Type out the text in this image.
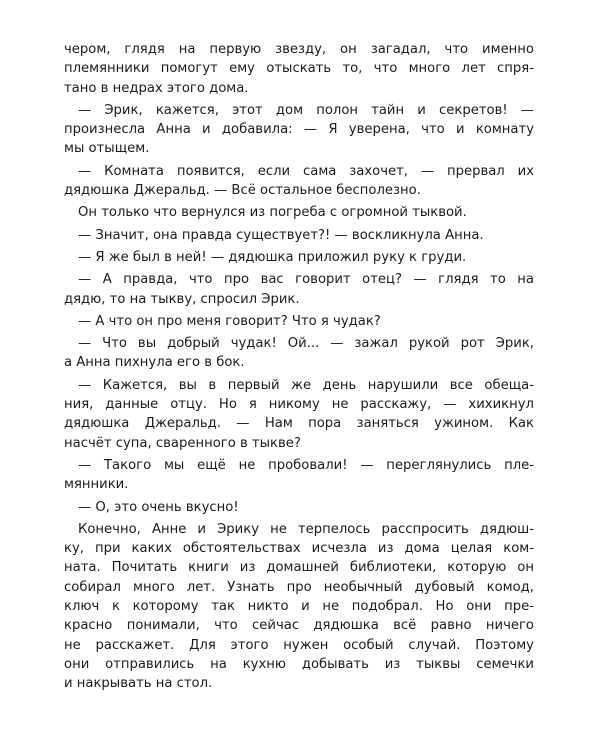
чером, глядя на первую звезду, он загадал, что именно
племянники помогут ему отыскать то, что много лет спря-
тано в недрах этого дома.
— Эрик, кажется, этот дом полон тайн и секретов! —
произнесла Анна и добавила: — Я уверена, что и комнату
мы отыщем.
— Комната появится, если сама захочет, — прервал их
дядюшка Джеральд. — Всё остальное бесполезно.
Он только что вернулся из погреба с огромной тыквой.
— Значит, она правда существует?! — воскликнула Анна.
— Я же был в ней! — дядюшка приложил руку к груди.
— А правда, что про вас говорит отец? — глядя то на
дядю, то на тыкву, спросил Эрик.
— А что он про меня говорит? Что я чудак?
— Что вы добрый чудак! Ой... — зажал рукой рот Эрик,
а Анна пихнула его в бок.
— Кажется, вы в первый же день нарушили все обеща-
ния, данные отцу. Но я никому не расскажу, — хихикнул
дядюшка Джеральд. — Нам пора заняться ужином. Как
насчёт супа, сваренного в тыкве?
— Такого мы ещё не пробовали! — переглянулись пле-
мянники.
— О, это очень вкусно!
Конечно, Анне и Эрику не терпелось расспросить дядюш-
ку, при каких обстоятельствах исчезла из дома целая ком-
ната. Почитать книги из домашней библиотеки, которую он
собирал много лет. Узнать про необычный дубовый комод,
ключ к которому так никто и не подобрал. Но они пре-
красно понимали, что сейчас дядюшка всё равно ничего
не расскажет. Для этого нужен особый случай. Поэтому
они отправились на кухню добывать из тыквы семечки
и накрывать на стол.
